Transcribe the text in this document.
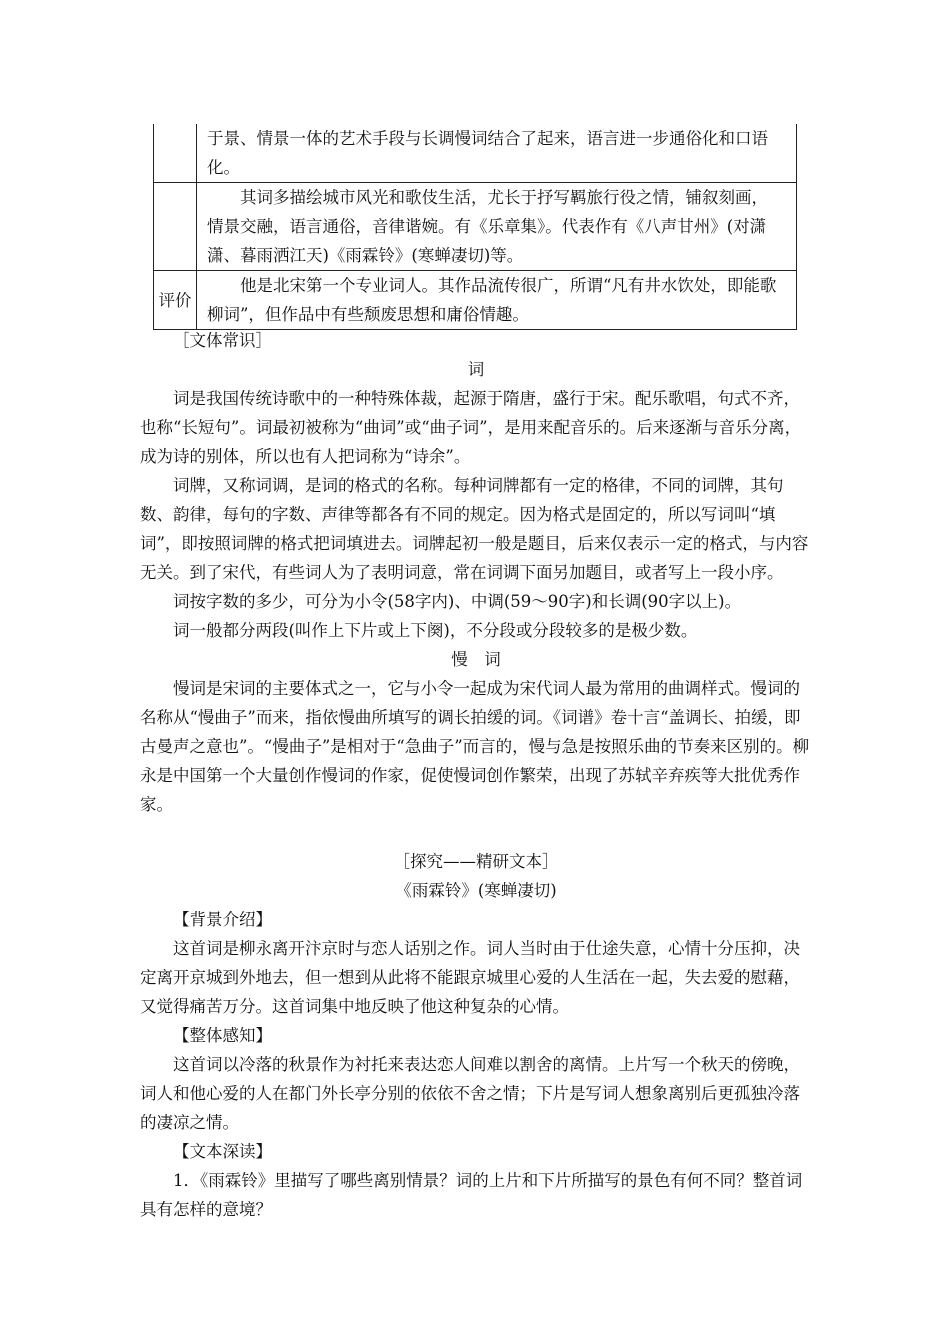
	于景、情景一体的艺术手段与长调慢词结合了起来，语言进一步通俗化和口语化。

	其词多描绘城市风光和歌伎生活，尤长于抒写羁旅行役之情，铺叙刻画，情景交融，语言通俗，音律谐婉。有《乐章集》。代表作有《八声甘州》(对潇潇、暮雨洒江天)《雨霖铃》(寒蝉凄切)等。

评价	他是北宋第一个专业词人。其作品流传很广，所谓“凡有井水饮处，即能歌柳词”，但作品中有些颓废思想和庸俗情趣。

［文体常识］

词

词是我国传统诗歌中的一种特殊体裁，起源于隋唐，盛行于宋。配乐歌唱，句式不齐，也称“长短句”。词最初被称为“曲词”或“曲子词”，是用来配音乐的。后来逐渐与音乐分离，成为诗的别体，所以也有人把词称为“诗余”。

词牌，又称词调，是词的格式的名称。每种词牌都有一定的格律，不同的词牌，其句数、韵律，每句的字数、声律等都各有不同的规定。因为格式是固定的，所以写词叫“填词”，即按照词牌的格式把词填进去。词牌起初一般是题目，后来仅表示一定的格式，与内容无关。到了宋代，有些词人为了表明词意，常在词调下面另加题目，或者写上一段小序。

词按字数的多少，可分为小令(58字内)、中调(59～90字)和长调(90字以上)。

词一般都分两段(叫作上下片或上下阕)，不分段或分段较多的是极少数。

慢　词

慢词是宋词的主要体式之一，它与小令一起成为宋代词人最为常用的曲调样式。慢词的名称从“慢曲子”而来，指依慢曲所填写的调长拍缓的词。《词谱》卷十言“盖调长、拍缓，即古曼声之意也”。“慢曲子”是相对于“急曲子”而言的，慢与急是按照乐曲的节奏来区别的。柳永是中国第一个大量创作慢词的作家，促使慢词创作繁荣，出现了苏轼辛弃疾等大批优秀作家。

［探究——精研文本］

《雨霖铃》(寒蝉凄切)

【背景介绍】

这首词是柳永离开汴京时与恋人话别之作。词人当时由于仕途失意，心情十分压抑，决定离开京城到外地去，但一想到从此将不能跟京城里心爱的人生活在一起，失去爱的慰藉，又觉得痛苦万分。这首词集中地反映了他这种复杂的心情。

【整体感知】

这首词以冷落的秋景作为衬托来表达恋人间难以割舍的离情。上片写一个秋天的傍晚，词人和他心爱的人在都门外长亭分别的依依不舍之情；下片是写词人想象离别后更孤独冷落的凄凉之情。

【文本深读】

1．《雨霖铃》里描写了哪些离别情景？词的上片和下片所描写的景色有何不同？整首词具有怎样的意境？
